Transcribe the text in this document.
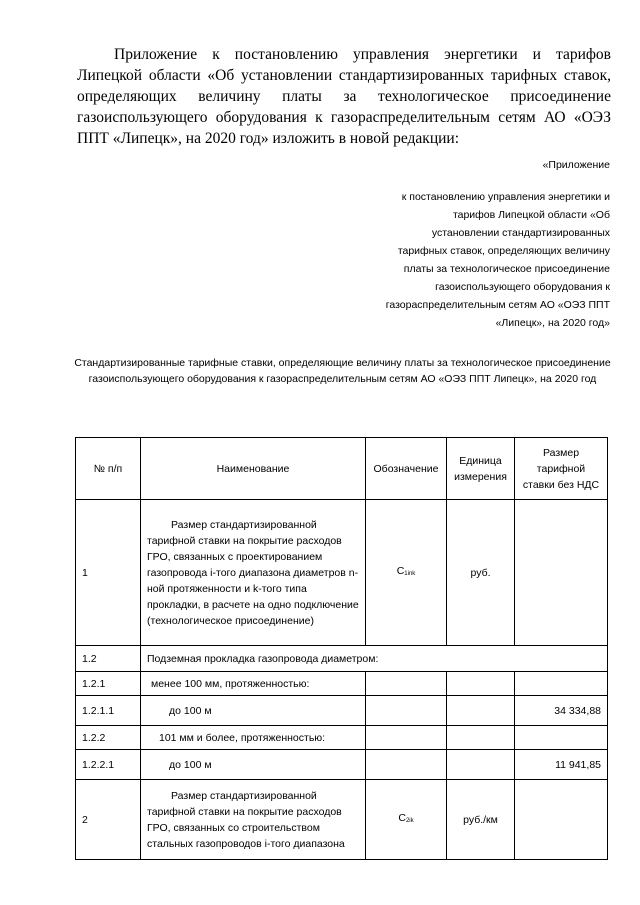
Приложение к постановлению управления энергетики и тарифов Липецкой области «Об установлении стандартизированных тарифных ставок, определяющих величину платы за технологическое присоединение газоиспользующего оборудования к газораспределительным сетям АО «ОЭЗ ППТ «Липецк», на 2020 год» изложить в новой редакции:
«Приложение
к постановлению управления энергетики и
тарифов Липецкой области «Об
установлении стандартизированных
тарифных ставок, определяющих величину
платы за технологическое присоединение
газоиспользующего оборудования к
газораспределительным сетям АО «ОЭЗ ППТ
«Липецк», на 2020 год»
Стандартизированные тарифные ставки, определяющие величину платы за технологическое присоединение газоиспользующего оборудования к газораспределительным сетям АО «ОЭЗ ППТ Липецк», на 2020 год
№ п/п	Наименование	Обозначение	Единица измерения	Размер тарифной ставки без НДС
1	Размер стандартизированной тарифной ставки на покрытие расходов ГРО, связанных с проектированием газопровода i-того диапазона диаметров n-ной протяженности и k-того типа прокладки, в расчете на одно подключение (технологическое присоединение)	$C_{1ink}$	руб.	
1.2	Подземная прокладка газопровода диаметром:			
1.2.1	менее 100 мм, протяженностью:			
1.2.1.1	до 100 м			34 334,88
1.2.2	101 мм и более, протяженностью:			
1.2.2.1	до 100 м			11 941,85
2	Размер стандартизированной тарифной ставки на покрытие расходов ГРО, связанных со строительством стальных газопроводов i-того диапазона	$C_{2ik}$	руб./км	
